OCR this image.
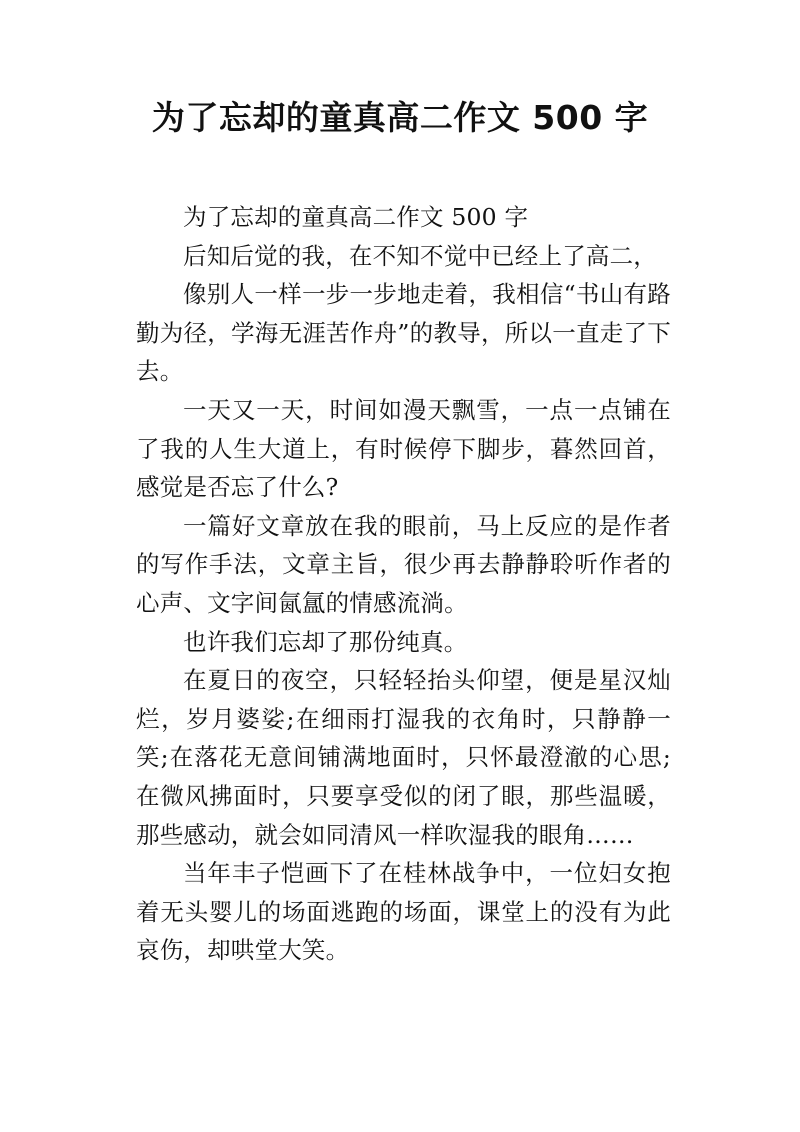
为了忘却的童真高二作文 500 字

为了忘却的童真高二作文 500 字

后知后觉的我，在不知不觉中已经上了高二，

像别人一样一步一步地走着，我相信“书山有路勤为径，学海无涯苦作舟”的教导，所以一直走了下去。

一天又一天，时间如漫天飘雪，一点一点铺在了我的人生大道上，有时候停下脚步，暮然回首，感觉是否忘了什么?

一篇好文章放在我的眼前，马上反应的是作者的写作手法，文章主旨，很少再去静静聆听作者的心声、文字间氤氲的情感流淌。

也许我们忘却了那份纯真。

在夏日的夜空，只轻轻抬头仰望，便是星汉灿烂，岁月婆娑;在细雨打湿我的衣角时，只静静一笑;在落花无意间铺满地面时，只怀最澄澈的心思;在微风拂面时，只要享受似的闭了眼，那些温暖，那些感动，就会如同清风一样吹湿我的眼角……

当年丰子恺画下了在桂林战争中，一位妇女抱着无头婴儿的场面逃跑的场面，课堂上的没有为此哀伤，却哄堂大笑。
